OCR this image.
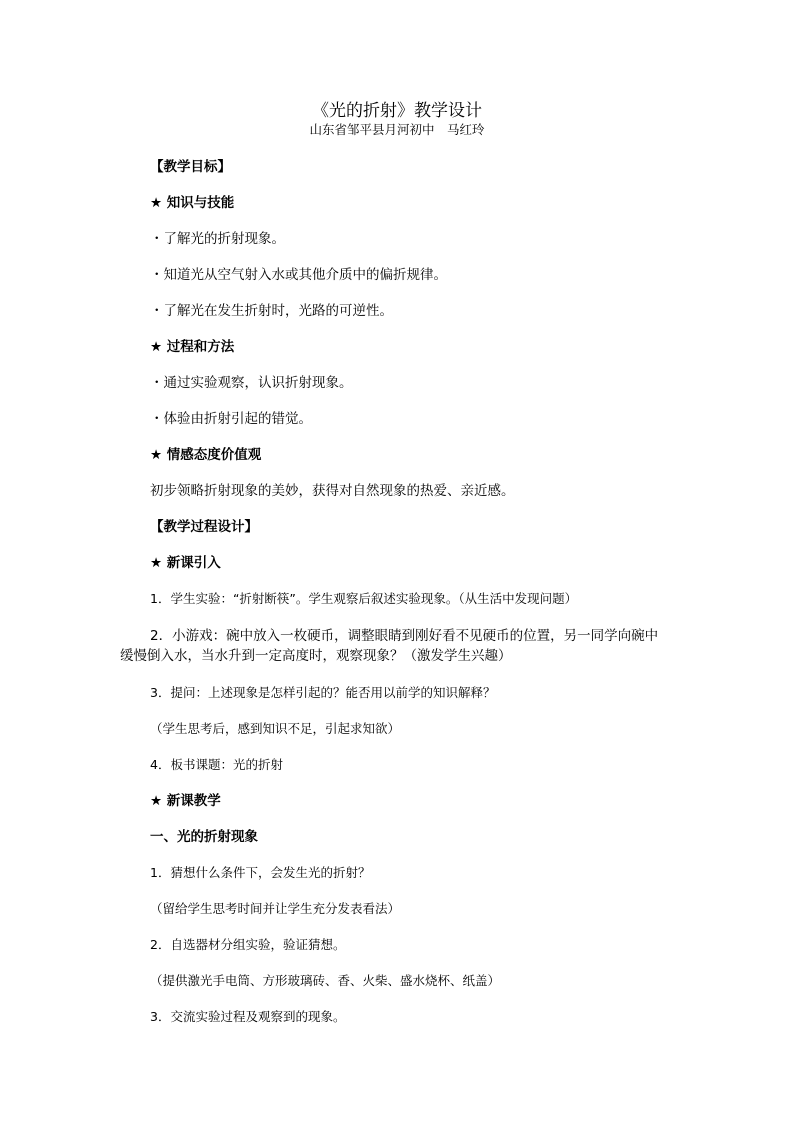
《光的折射》教学设计
山东省邹平县月河初中　马红玲
【教学目标】
★ 知识与技能
・了解光的折射现象。
・知道光从空气射入水或其他介质中的偏折规律。
・了解光在发生折射时，光路的可逆性。
★ 过程和方法
・通过实验观察，认识折射现象。
・体验由折射引起的错觉。
★ 情感态度价值观
初步领略折射现象的美妙，获得对自然现象的热爱、亲近感。
【教学过程设计】
★ 新课引入
1．学生实验：“折射断筷”。学生观察后叙述实验现象。（从生活中发现问题）
2．小游戏：碗中放入一枚硬币，调整眼睛到刚好看不见硬币的位置，另一同学向碗中缓慢倒入水，当水升到一定高度时，观察现象？（激发学生兴趣）
3．提问：上述现象是怎样引起的？能否用以前学的知识解释？
（学生思考后，感到知识不足，引起求知欲）
4．板书课题：光的折射
★ 新课教学
一、光的折射现象
1．猜想什么条件下，会发生光的折射？
（留给学生思考时间并让学生充分发表看法）
2．自选器材分组实验，验证猜想。
（提供激光手电筒、方形玻璃砖、香、火柴、盛水烧杯、纸盖）
3．交流实验过程及观察到的现象。
